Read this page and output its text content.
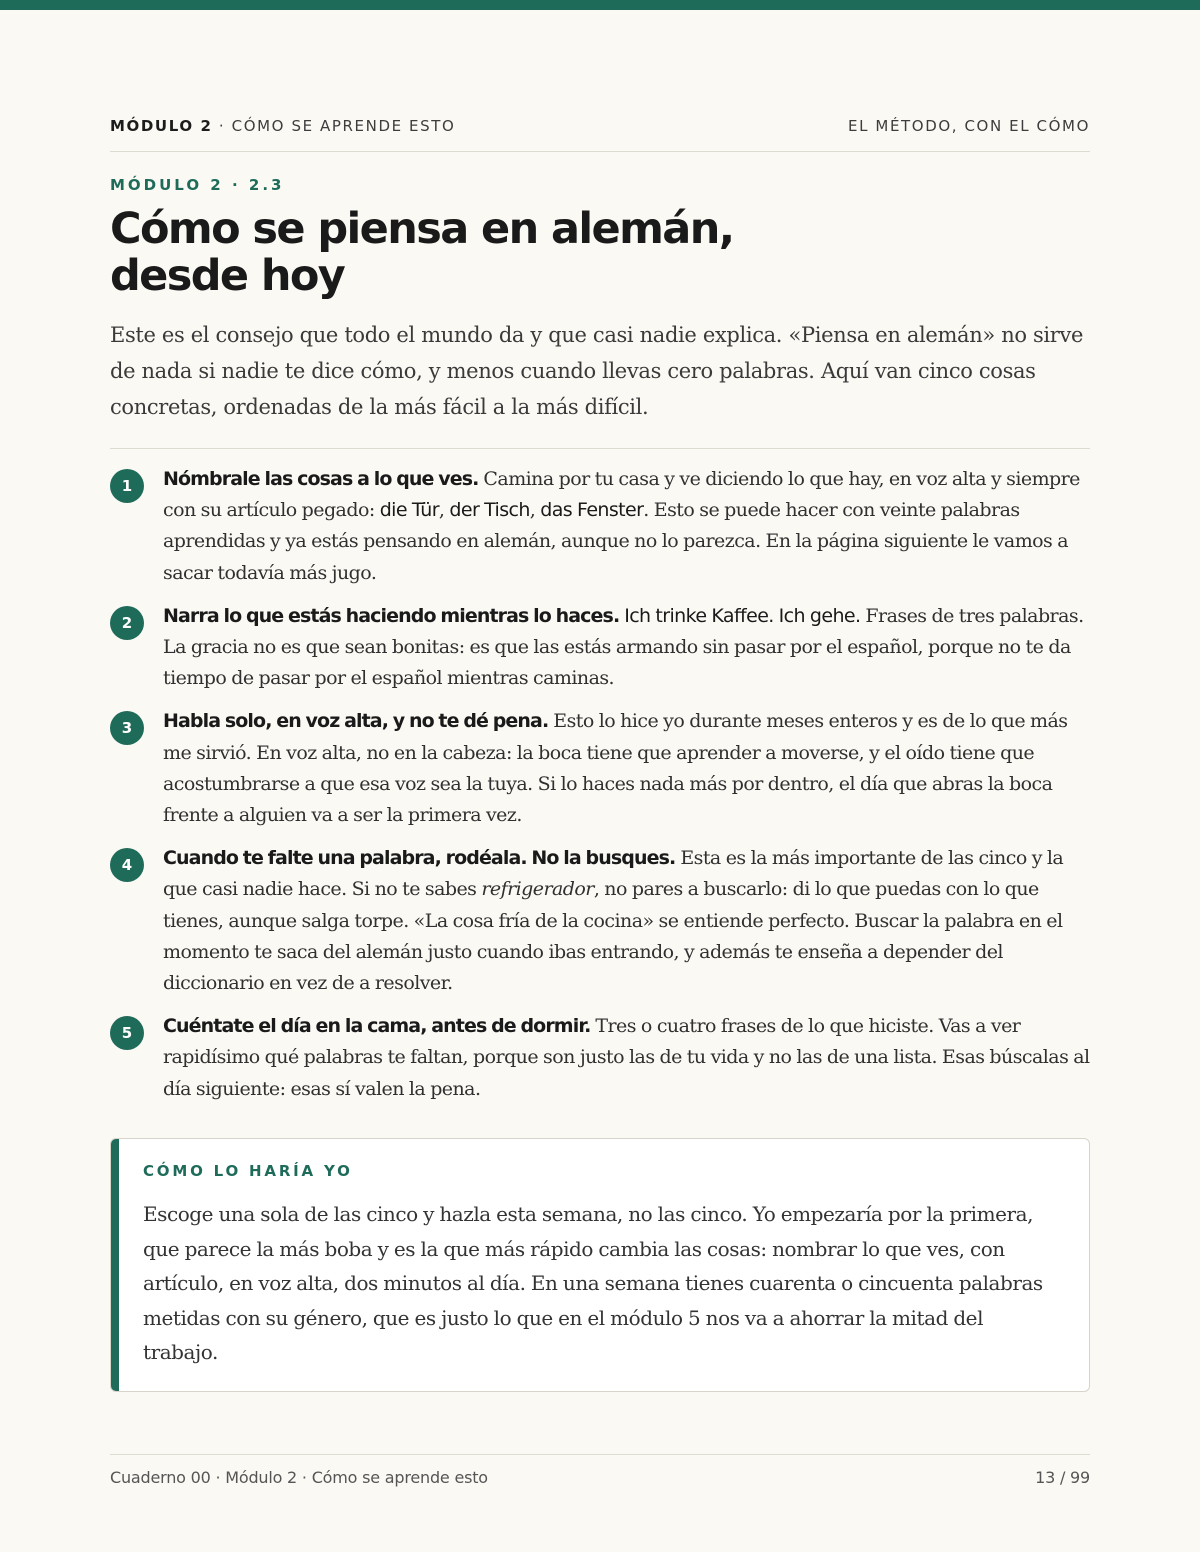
MÓDULO 2 · CÓMO SE APRENDE ESTO	EL MÉTODO, CON EL CÓMO
MÓDULO 2 · 2.3
Cómo se piensa en alemán,
desde hoy

Este es el consejo que todo el mundo da y que casi nadie explica. «Piensa en alemán» no sirve de nada si nadie te dice cómo, y menos cuando llevas cero palabras. Aquí van cinco cosas concretas, ordenadas de la más fácil a la más difícil.

1	Nómbrale las cosas a lo que ves. Camina por tu casa y ve diciendo lo que hay, en voz alta y siempre con su artículo pegado: die Tür, der Tisch, das Fenster. Esto se puede hacer con veinte palabras aprendidas y ya estás pensando en alemán, aunque no lo parezca. En la página siguiente le vamos a sacar todavía más jugo.

2	Narra lo que estás haciendo mientras lo haces. Ich trinke Kaffee. Ich gehe. Frases de tres palabras. La gracia no es que sean bonitas: es que las estás armando sin pasar por el español, porque no te da tiempo de pasar por el español mientras caminas.

3	Habla solo, en voz alta, y no te dé pena. Esto lo hice yo durante meses enteros y es de lo que más me sirvió. En voz alta, no en la cabeza: la boca tiene que aprender a moverse, y el oído tiene que acostumbrarse a que esa voz sea la tuya. Si lo haces nada más por dentro, el día que abras la boca frente a alguien va a ser la primera vez.

4	Cuando te falte una palabra, rodéala. No la busques. Esta es la más importante de las cinco y la que casi nadie hace. Si no te sabes refrigerador, no pares a buscarlo: di lo que puedas con lo que tienes, aunque salga torpe. «La cosa fría de la cocina» se entiende perfecto. Buscar la palabra en el momento te saca del alemán justo cuando ibas entrando, y además te enseña a depender del diccionario en vez de a resolver.

5	Cuéntate el día en la cama, antes de dormir. Tres o cuatro frases de lo que hiciste. Vas a ver rapidísimo qué palabras te faltan, porque son justo las de tu vida y no las de una lista. Esas búscalas al día siguiente: esas sí valen la pena.

CÓMO LO HARÍA YO

Escoge una sola de las cinco y hazla esta semana, no las cinco. Yo empezaría por la primera, que parece la más boba y es la que más rápido cambia las cosas: nombrar lo que ves, con artículo, en voz alta, dos minutos al día. En una semana tienes cuarenta o cincuenta palabras metidas con su género, que es justo lo que en el módulo 5 nos va a ahorrar la mitad del trabajo.

Cuaderno 00 · Módulo 2 · Cómo se aprende esto	13 / 99
